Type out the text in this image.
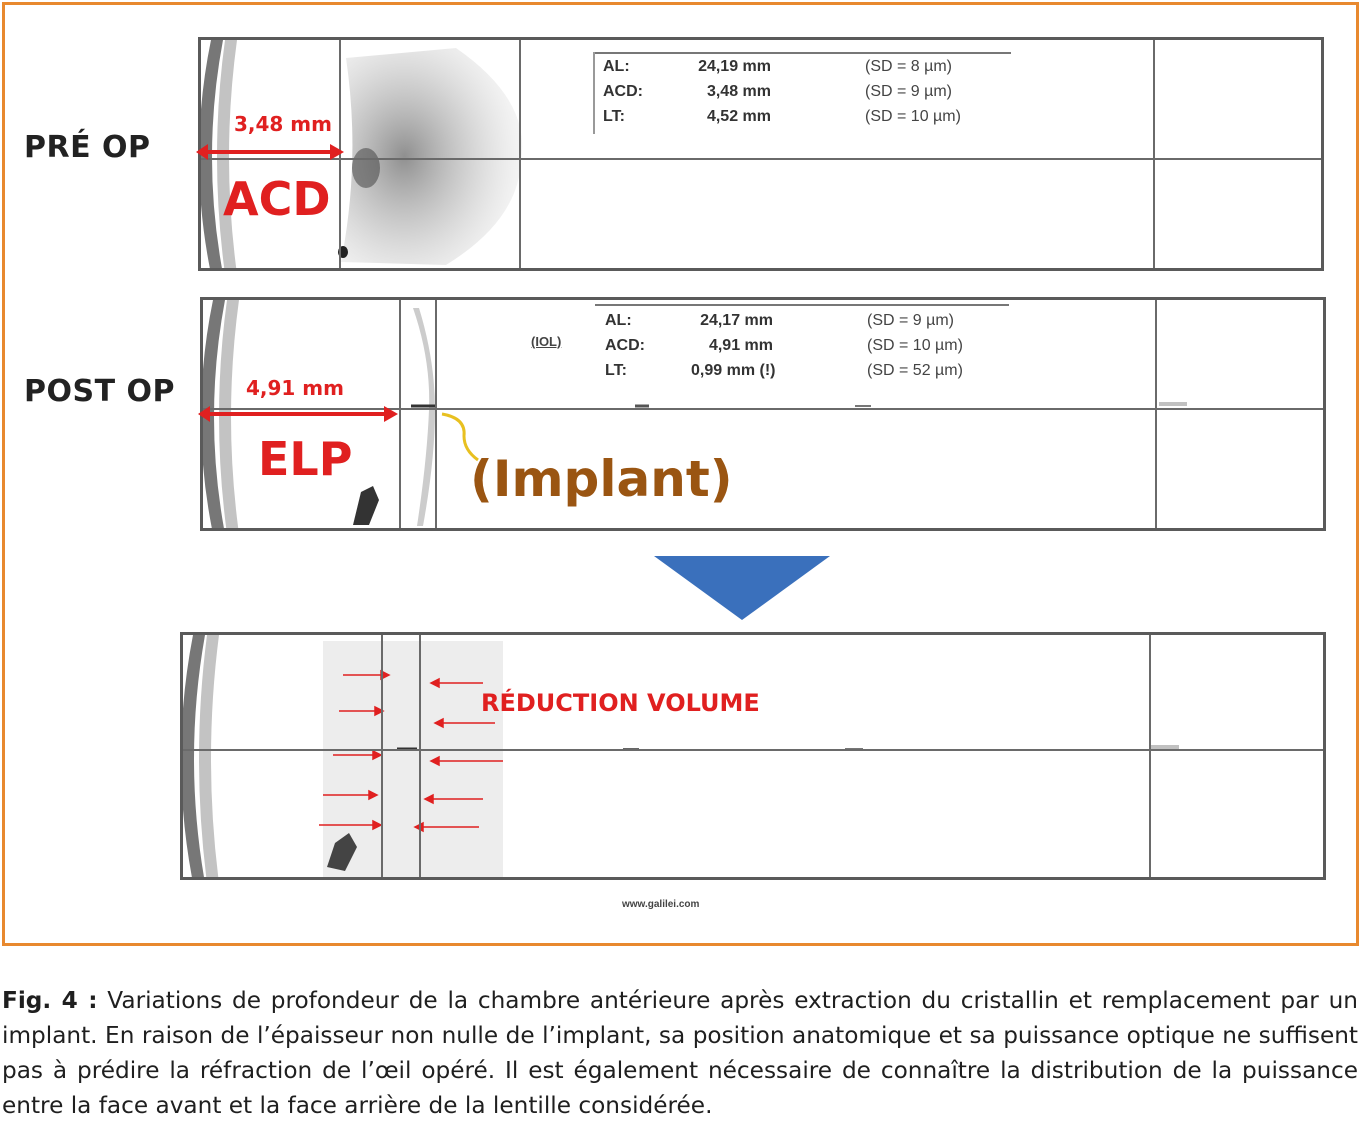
PRÉ OP
AL:	24,19 mm	(SD = 8 µm)
ACD:	3,48 mm	(SD = 9 µm)
LT:	4,52 mm	(SD = 10 µm)
3,48 mm
ACD
POST OP
(IOL)
AL:	24,17 mm	(SD = 9 µm)
ACD:	4,91 mm	(SD = 10 µm)
LT:	0,99 mm (!)	(SD = 52 µm)
4,91 mm
ELP (Implant)
RÉDUCTION VOLUME
www.galilei.com
Fig. 4 : Variations de profondeur de la chambre antérieure après extraction du cristallin et remplacement par un implant. En raison de l’épaisseur non nulle de l’implant, sa position anatomique et sa puissance optique ne suffisent pas à prédire la réfraction de l’œil opéré. Il est également nécessaire de connaître la distribution de la puissance entre la face avant et la face arrière de la lentille considérée.
